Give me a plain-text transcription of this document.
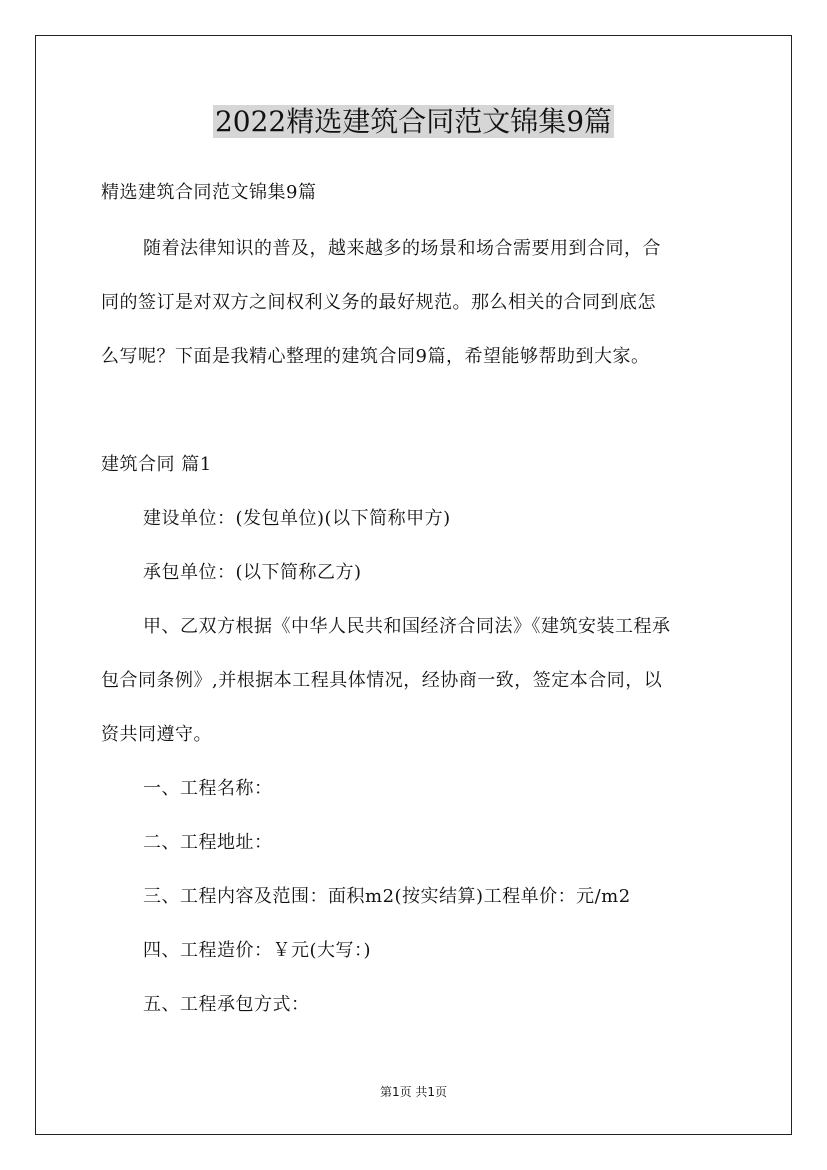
2022精选建筑合同范文锦集9篇

精选建筑合同范文锦集9篇

随着法律知识的普及，越来越多的场景和场合需要用到合同，合

同的签订是对双方之间权利义务的最好规范。那么相关的合同到底怎

么写呢？下面是我精心整理的建筑合同9篇，希望能够帮助到大家。

建筑合同 篇1

建设单位：(发包单位)(以下简称甲方)

承包单位：(以下简称乙方)

甲、乙双方根据《中华人民共和国经济合同法》《建筑安装工程承

包合同条例》,并根据本工程具体情况，经协商一致，签定本合同，以

资共同遵守。

一、工程名称：

二、工程地址：

三、工程内容及范围：面积m2(按实结算)工程单价：元/m2

四、工程造价：￥元(大写：)

五、工程承包方式：

第1页 共1页
